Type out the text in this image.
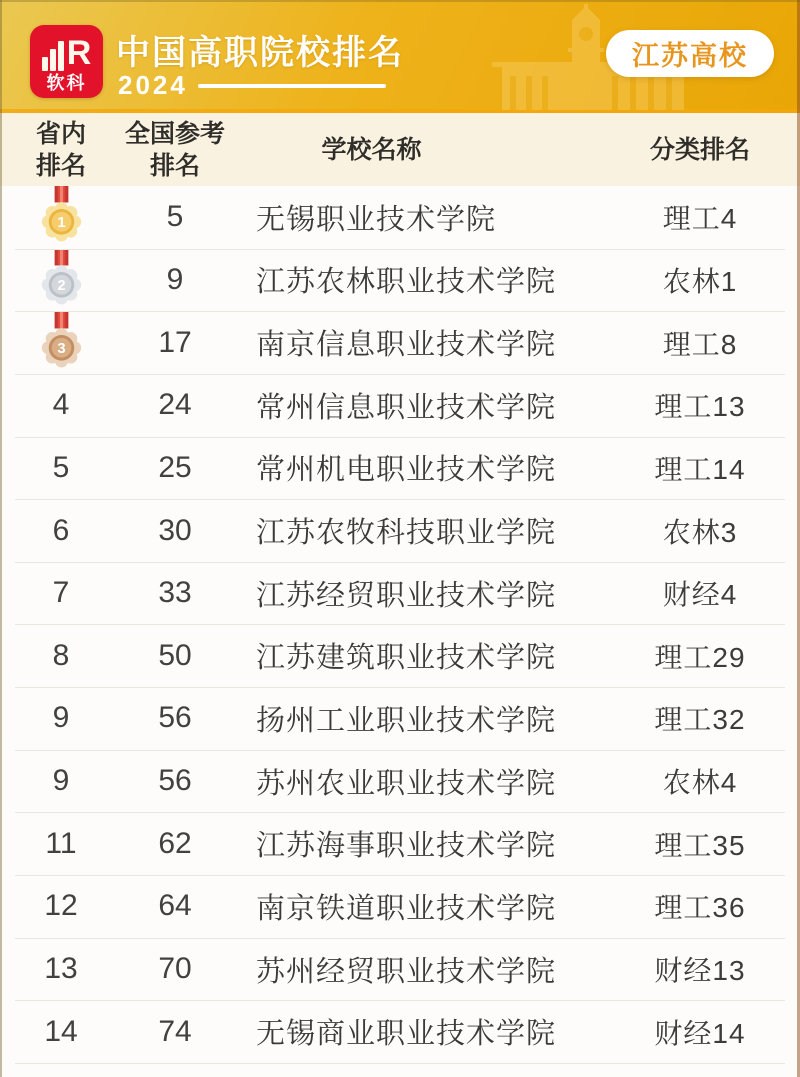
R
软科
中国高职院校排名
2024
江苏高校
省内
排名
全国参考
排名
学校名称	分类排名
1	5	无锡职业技术学院	理工4
2	9	江苏农林职业技术学院	农林1
3	17 南京信息职业技术学院	理工8
4	24 常州信息职业技术学院	理工13
5	25 常州机电职业技术学院	理工14
6	30 江苏农牧科技职业学院	农林3
7	33 江苏经贸职业技术学院	财经4
8	50 江苏建筑职业技术学院	理工29
9	56 扬州工业职业技术学院	理工32
9	56 苏州农业职业技术学院	农林4
11	62 江苏海事职业技术学院	理工35
12	64 南京铁道职业技术学院	理工36
13	70 苏州经贸职业技术学院	财经13
14	74 无锡商业职业技术学院	财经14
